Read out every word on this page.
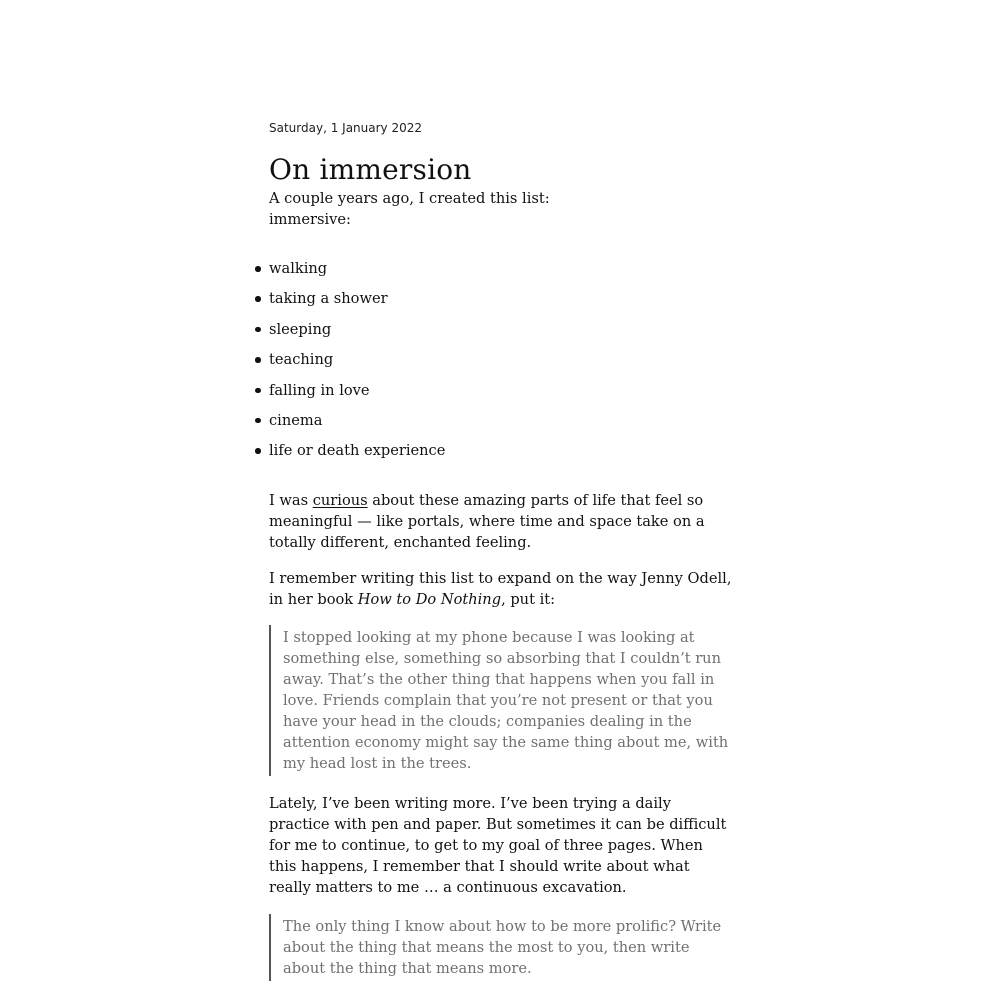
Saturday, 1 January 2022

On immersion

A couple years ago, I created this list:

immersive:

walking
taking a shower
sleeping
teaching
falling in love
cinema
life or death experience

I was curious about these amazing parts of life that feel so meaningful — like portals, where time and space take on a totally different, enchanted feeling.

I remember writing this list to expand on the way Jenny Odell, in her book How to Do Nothing, put it:

I stopped looking at my phone because I was looking at something else, something so absorbing that I couldn’t run away. That’s the other thing that happens when you fall in love. Friends complain that you’re not present or that you have your head in the clouds; companies dealing in the attention economy might say the same thing about me, with my head lost in the trees.

Lately, I’ve been writing more. I’ve been trying a daily practice with pen and paper. But sometimes it can be difficult for me to continue, to get to my goal of three pages. When this happens, I remember that I should write about what really matters to me … a continuous excavation.

The only thing I know about how to be more prolific? Write about the thing that means the most to you, then write about the thing that means more.
